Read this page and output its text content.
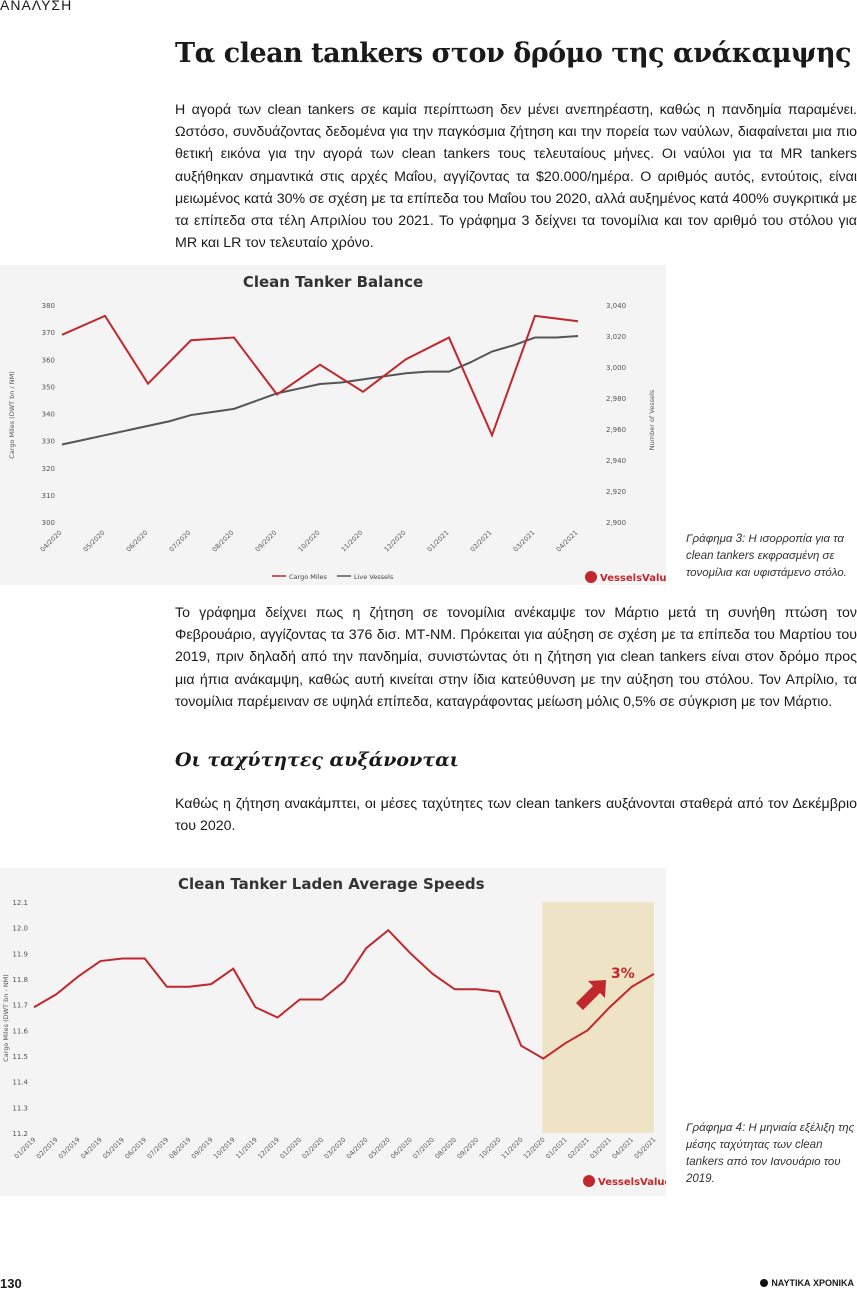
ΑΝΑΛΥΣΗ
Τα clean tankers στον δρόμο της ανάκαμψης
Η αγορά των clean tankers σε καμία περίπτωση δεν μένει ανεπηρέαστη, καθώς η πανδημία παραμένει. Ωστόσο, συνδυάζοντας δεδομένα για την παγκόσμια ζήτηση και την πορεία των ναύλων, διαφαίνεται μια πιο θετική εικόνα για την αγορά των clean tankers τους τελευταίους μήνες. Οι ναύλοι για τα MR tankers αυξήθηκαν σημαντικά στις αρχές Μαΐου, αγγίζοντας τα $20.000/ημέρα. Ο αριθμός αυτός, εντούτοις, είναι μειωμένος κατά 30% σε σχέση με τα επίπεδα του Μαΐου του 2020, αλλά αυξημένος κατά 400% συγκριτικά με τα επίπεδα στα τέλη Απριλίου του 2021. Το γράφημα 3 δείχνει τα τονομίλια και τον αριθμό του στόλου για MR και LR τον τελευταίο χρόνο.
Clean Tanker Balance
300
310
320
330
340
350
360
370
380
2,900
2,920
2,940
2,960
2,980
3,000
3,020
3,040
Cargo Miles (DWT bn / NM)	Number of Vessels
04/2020	05/2020	06/2020	07/2020	08/2020	09/2020	10/2020	11/2020	12/2020	01/2021	02/2021	03/2021	04/2021
Cargo Miles	Live Vessels	VesselsValue
Γράφημα 3: Η ισορροπία για τα clean tankers εκφρασμένη σε τονομίλια και υφιστάμενο στόλο.
Το γράφημα δείχνει πως η ζήτηση σε τονομίλια ανέκαμψε τον Μάρτιο μετά τη συνήθη πτώση τον Φεβρουάριο, αγγίζοντας τα 376 δισ. ΜΤ-ΝΜ. Πρόκειται για αύξηση σε σχέση με τα επίπεδα του Μαρτίου του 2019, πριν δηλαδή από την πανδημία, συνιστώντας ότι η ζήτηση για clean tankers είναι στον δρόμο προς μια ήπια ανάκαμψη, καθώς αυτή κινείται στην ίδια κατεύθυνση με την αύξηση του στόλου. Τον Απρίλιο, τα τονομίλια παρέμειναν σε υψηλά επίπεδα, καταγράφοντας μείωση μόλις 0,5% σε σύγκριση με τον Μάρτιο.
Οι ταχύτητες αυξάνονται
Καθώς η ζήτηση ανακάμπτει, οι μέσες ταχύτητες των clean tankers αυξάνονται σταθερά από τον Δεκέμβριο του 2020.
Clean Tanker Laden Average Speeds
11.2
11.3
11.4
11.5
11.6
11.7
11.8
11.9
12.0
12.1
Cargo Miles (DWT bn - NM)
01/2019
02/2019
03/2019
04/2019
05/2019
06/2019
07/2019
08/2019
09/2019
10/2019
11/2019
12/2019
01/2020
02/2020
03/2020
04/2020
05/2020
06/2020
07/2020
08/2020
09/2020
10/2020
11/2020
12/2020
01/2021
02/2021
03/2021
04/2021
05/2021
3%
VesselsValue
Γράφημα 4: Η μηνιαία εξέλιξη της μέσης ταχύτητας των clean tankers από τον Ιανουάριο του 2019.
130	ΝΑΥΤΙΚΑ ΧΡΟΝΙΚΑ
